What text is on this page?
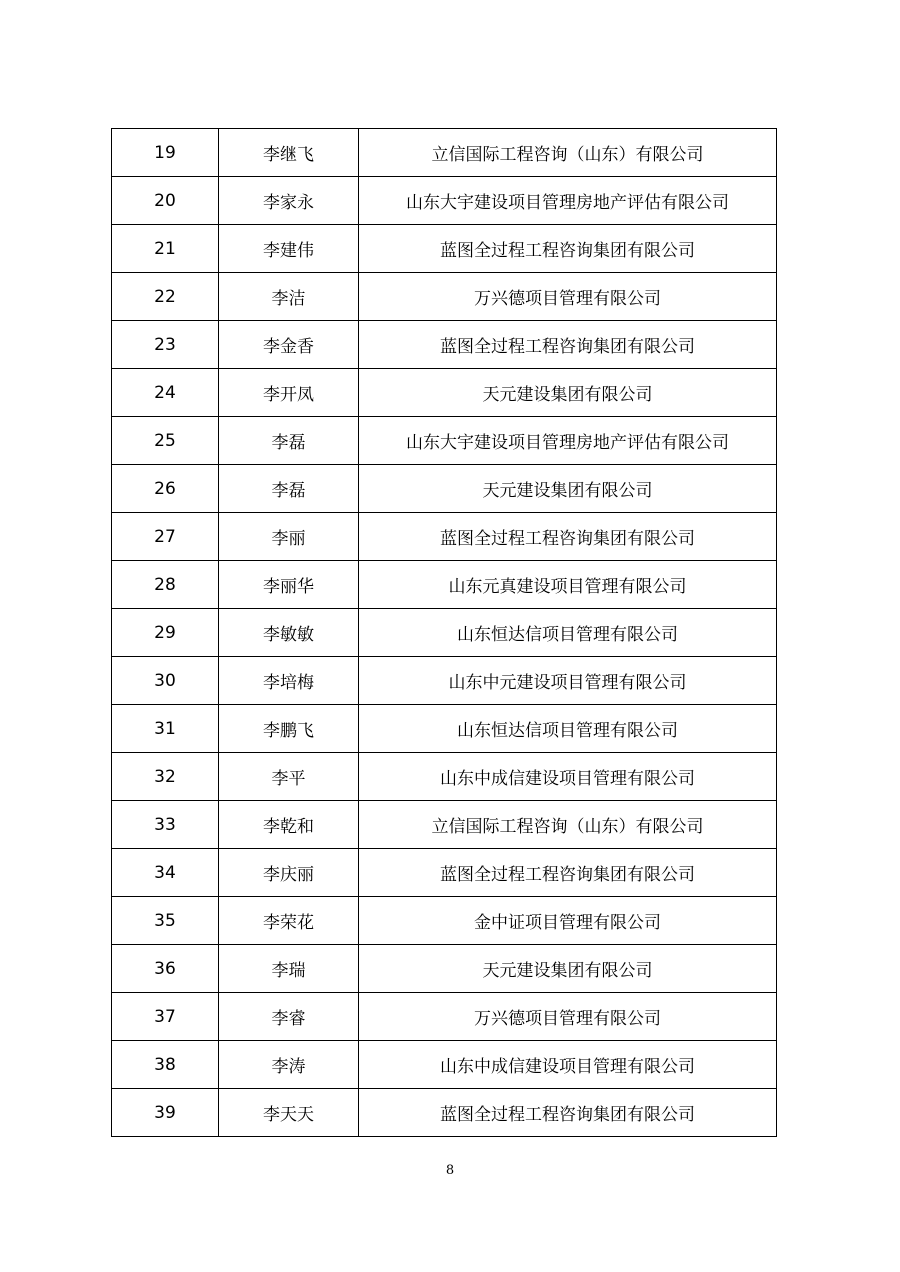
19	李继飞	立信国际工程咨询（山东）有限公司
20	李家永	山东大宇建设项目管理房地产评估有限公司
21	李建伟	蓝图全过程工程咨询集团有限公司
22	李洁	万兴德项目管理有限公司
23	李金香	蓝图全过程工程咨询集团有限公司
24	李开凤	天元建设集团有限公司
25	李磊	山东大宇建设项目管理房地产评估有限公司
26	李磊	天元建设集团有限公司
27	李丽	蓝图全过程工程咨询集团有限公司
28	李丽华	山东元真建设项目管理有限公司
29	李敏敏	山东恒达信项目管理有限公司
30	李培梅	山东中元建设项目管理有限公司
31	李鹏飞	山东恒达信项目管理有限公司
32	李平	山东中成信建设项目管理有限公司
33	李乾和	立信国际工程咨询（山东）有限公司
34	李庆丽	蓝图全过程工程咨询集团有限公司
35	李荣花	金中证项目管理有限公司
36	李瑞	天元建设集团有限公司
37	李睿	万兴德项目管理有限公司
38	李涛	山东中成信建设项目管理有限公司
39	李天天	蓝图全过程工程咨询集团有限公司
8
